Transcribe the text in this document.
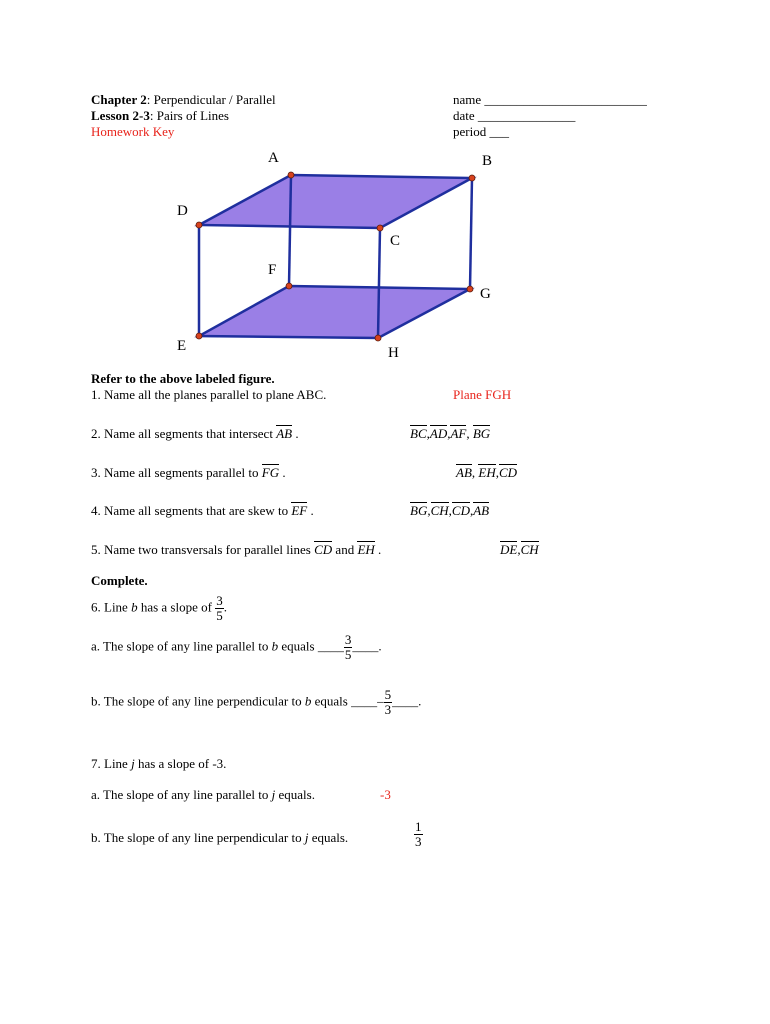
Chapter 2: Perpendicular / Parallel
Lesson 2-3: Pairs of Lines
Homework Key
name _________________________
date _______________
period ___
A	B
C
D
E
F
G
H
Refer to the above labeled figure.
1. Name all the planes parallel to plane ABC.	Plane FGH
2. Name all segments that intersect AB .	BC,AD,AF, BG
3. Name all segments parallel to FG .	AB, EH,CD
4. Name all segments that are skew to EF .	BG,CH,CD,AB
5. Name two transversals for parallel lines CD and EH .	DE,CH
Complete.
6. Line b has a slope of $\frac{3}{5}$ .
a. The slope of any line parallel to b equals ____ $\frac{3}{5}$ ____.
b. The slope of any line perpendicular to b equals ____– $\frac{5}{3}$ ____.
7. Line j has a slope of -3.
a. The slope of any line parallel to j equals.	-3
b. The slope of any line perpendicular to j equals.	$\frac{1}{3}$
